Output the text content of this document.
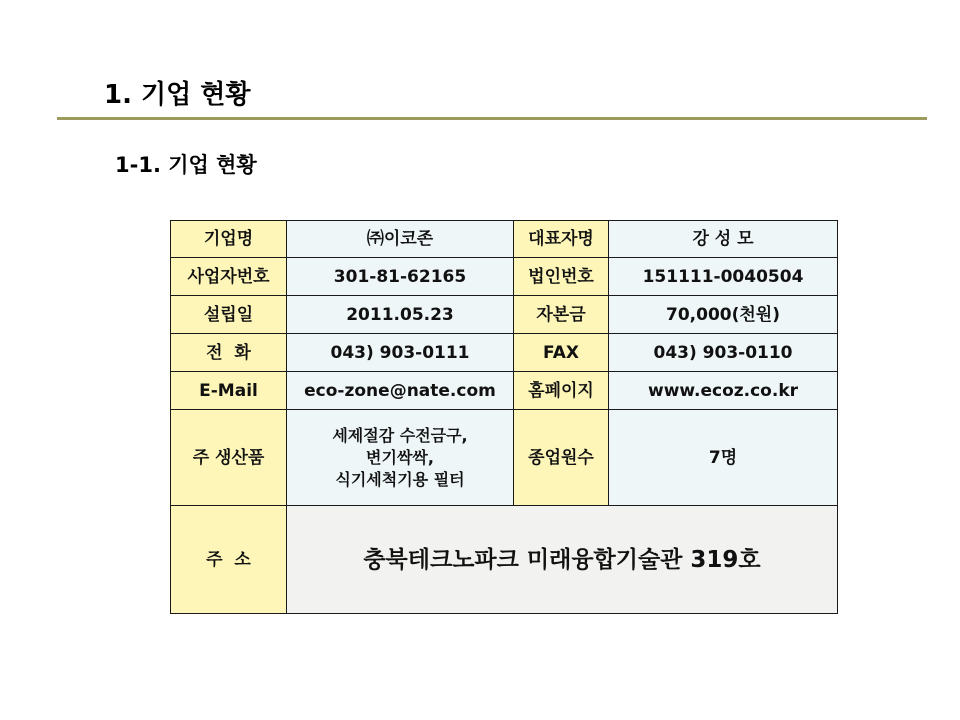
1. 기업 현황
1-1. 기업 현황
기업명	㈜이코존	대표자명	강 성 모
사업자번호	301-81-62165	법인번호	151111-0040504
설립일	2011.05.23	자본금	70,000(천원)
전  화	043) 903-0111	FAX	043) 903-0110
E-Mail	eco-zone@nate.com	홈페이지	www.ecoz.co.kr
주 생산품	세제절감 수전금구,
변기싹싹,
식기세척기용 필터	종업원수	7명
주  소	충북테크노파크 미래융합기술관 319호		
